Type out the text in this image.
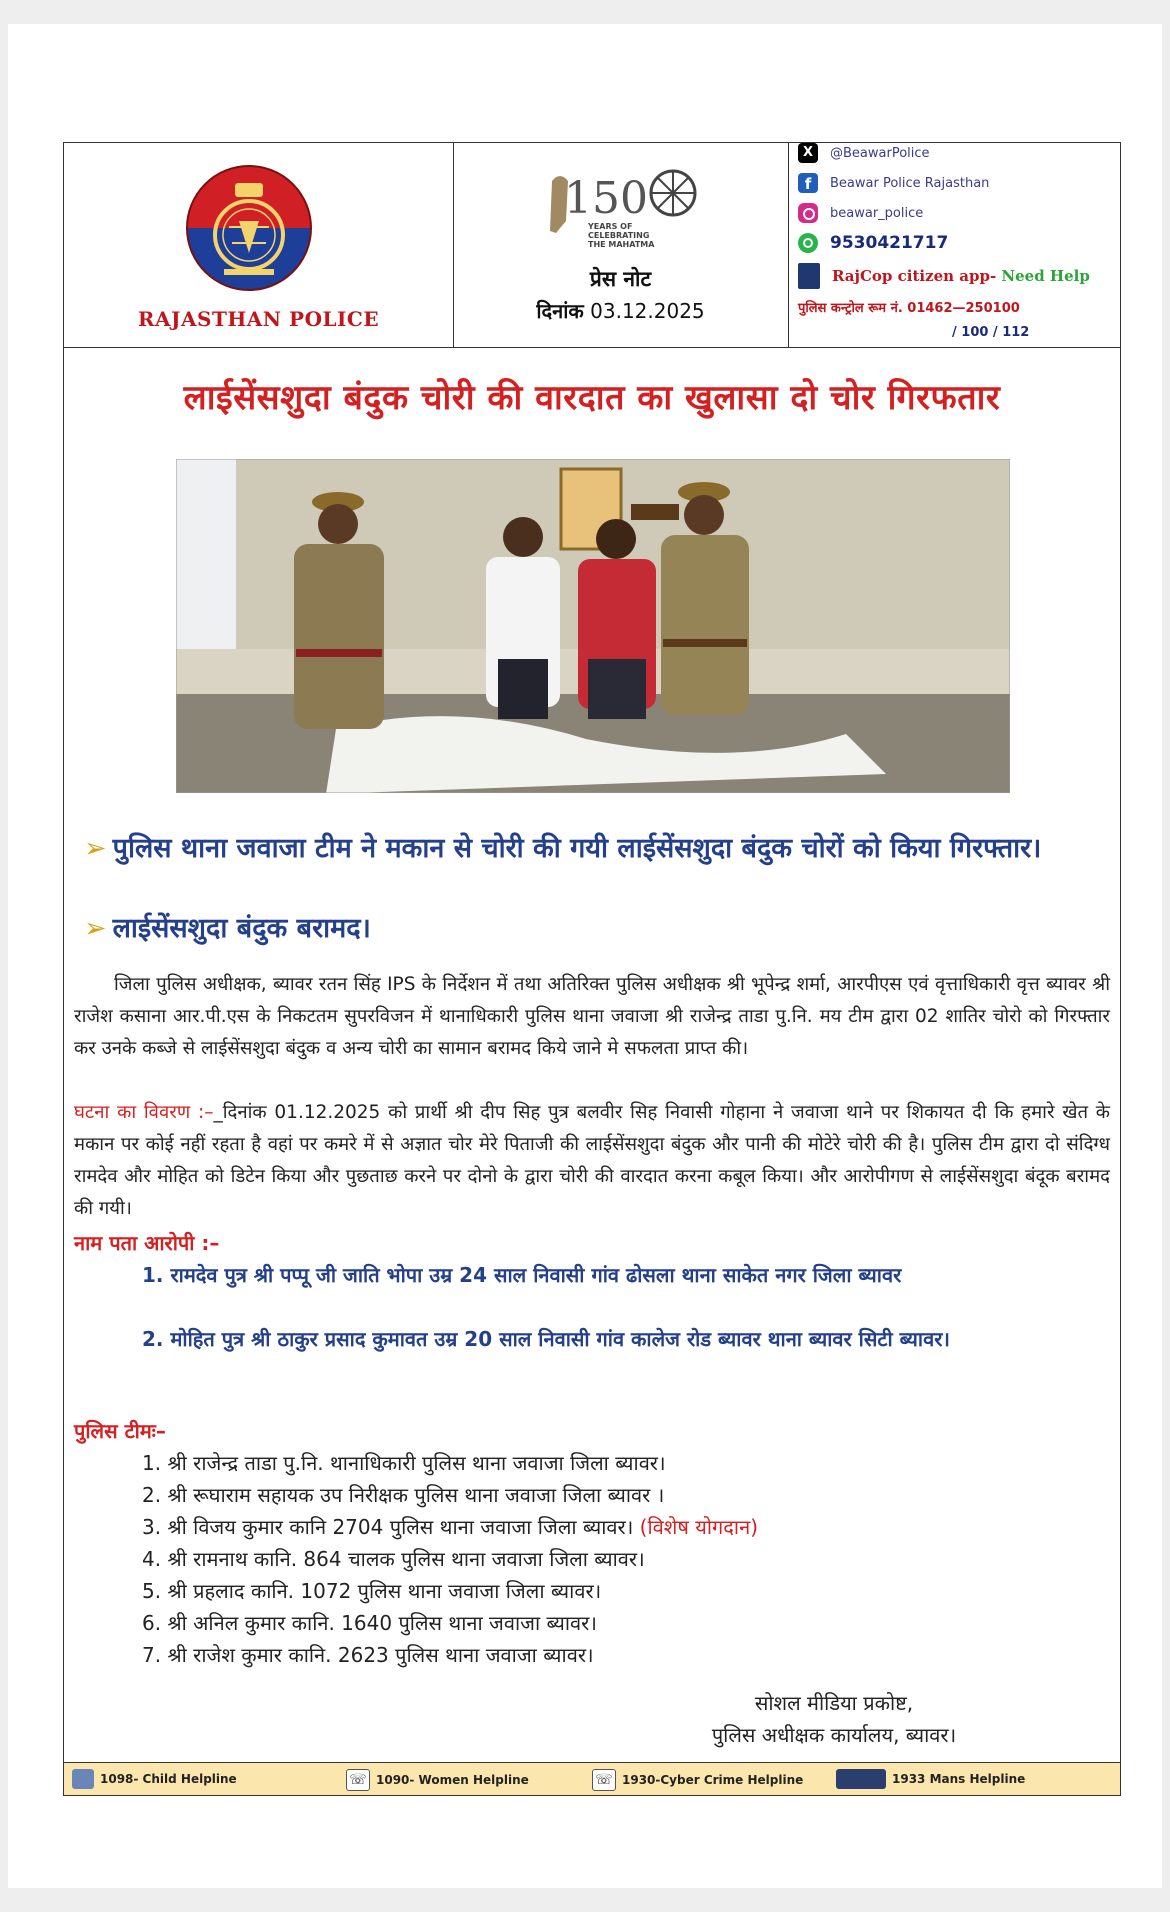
RAJASTHAN POLICE
150
YEARS OF
CELEBRATING
THE MAHATMA
प्रेस नोट
दिनांक 03.12.2025
X	@BeawarPolice
f	Beawar Police Rajasthan
beawar_police
9530421717
RajCop citizen app- Need Help
पुलिस कन्ट्रोल रूम नं. 01462—250100
/ 100 / 112
लाईसेंसशुदा बंदुक चोरी की वारदात का खुलासा दो चोर गिरफतार
➢ पुलिस थाना जवाजा टीम ने मकान से चोरी की गयी लाईसेंसशुदा बंदुक चोरों को किया गिरफ्तार।
➢ लाईसेंसशुदा बंदुक बरामद।
जिला पुलिस अधीक्षक, ब्यावर रतन सिंह IPS के निर्देशन में तथा अतिरिक्त पुलिस अधीक्षक श्री भूपेन्द्र शर्मा, आरपीएस एवं वृत्ताधिकारी वृत्त ब्यावर श्री राजेश कसाना आर.पी.एस के निकटतम सुपरविजन में थानाधिकारी पुलिस थाना जवाजा श्री राजेन्द्र ताडा पु.नि. मय टीम द्वारा 02 शातिर चोरो को गिरफ्तार कर उनके कब्जे से लाईसेंसशुदा बंदुक व अन्य चोरी का सामान बरामद किये जाने मे सफलता प्राप्त की।
घटना का विवरण :–_दिनांक 01.12.2025 को प्रार्थी श्री दीप सिह पुत्र बलवीर सिह निवासी गोहाना ने जवाजा थाने पर शिकायत दी कि हमारे खेत के मकान पर कोई नहीं रहता है वहां पर कमरे में से अज्ञात चोर मेरे पिताजी की लाईसेंसशुदा बंदुक और पानी की मोटेरे चोरी की है। पुलिस टीम द्वारा दो संदिग्ध रामदेव और मोहित को डिटेन किया और पुछताछ करने पर दोनो के द्वारा चोरी की वारदात करना कबूल किया। और आरोपीगण से लाईसेंसशुदा बंदूक बरामद की गयी।
नाम पता आरोपी :–
1. रामदेव पुत्र श्री पप्पू जी जाति भोपा उम्र 24 साल निवासी गांव ढोसला थाना साकेत नगर जिला ब्यावर
2. मोहित पुत्र श्री ठाकुर प्रसाद कुमावत उम्र 20 साल निवासी गांव कालेज रोड ब्यावर थाना ब्यावर सिटी ब्यावर।
पुलिस टीमः–
1. श्री राजेन्द्र ताडा पु.नि. थानाधिकारी पुलिस थाना जवाजा जिला ब्यावर।
2. श्री रूघाराम सहायक उप निरीक्षक पुलिस थाना जवाजा जिला ब्यावर ।
3. श्री विजय कुमार कानि 2704 पुलिस थाना जवाजा जिला ब्यावर। (विशेष योगदान)
4. श्री रामनाथ कानि. 864 चालक पुलिस थाना जवाजा जिला ब्यावर।
5. श्री प्रहलाद कानि. 1072 पुलिस थाना जवाजा जिला ब्यावर।
6. श्री अनिल कुमार कानि. 1640 पुलिस थाना जवाजा ब्यावर।
7. श्री राजेश कुमार कानि. 2623 पुलिस थाना जवाजा ब्यावर।
सोशल मीडिया प्रकोष्ट,
पुलिस अधीक्षक कार्यालय, ब्यावर।
1098- Child Helpline	☏ 1090- Women Helpline	☏ 1930-Cyber Crime Helpline	1933 Mans Helpline
